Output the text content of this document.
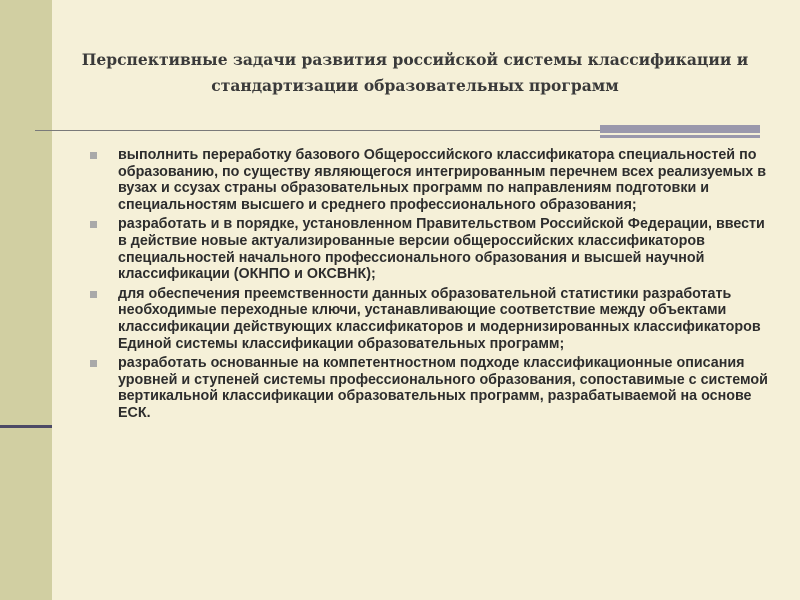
Перспективные задачи развития российской системы классификации и стандартизации образовательных программ
выполнить переработку базового Общероссийского классификатора специальностей по образованию, по существу являющегося интегрированным перечнем всех реализуемых в вузах и ссузах страны образовательных программ по направлениям подготовки и специальностям высшего и среднего профессионального образования;
разработать и в порядке, установленном Правительством Российской Федерации, ввести в действие новые актуализированные версии общероссийских классификаторов специальностей начального профессионального образования и высшей научной классификации (ОКНПО и ОКСВНК);
для обеспечения преемственности данных образовательной статистики разработать необходимые переходные ключи, устанавливающие соответствие между объектами классификации действующих классификаторов и модернизированных классификаторов Единой системы классификации образовательных программ;
разработать основанные на компетентностном подходе классификационные описания уровней и ступеней системы профессионального образования, сопоставимые с системой вертикальной классификации образовательных программ, разрабатываемой на основе ЕСК.
